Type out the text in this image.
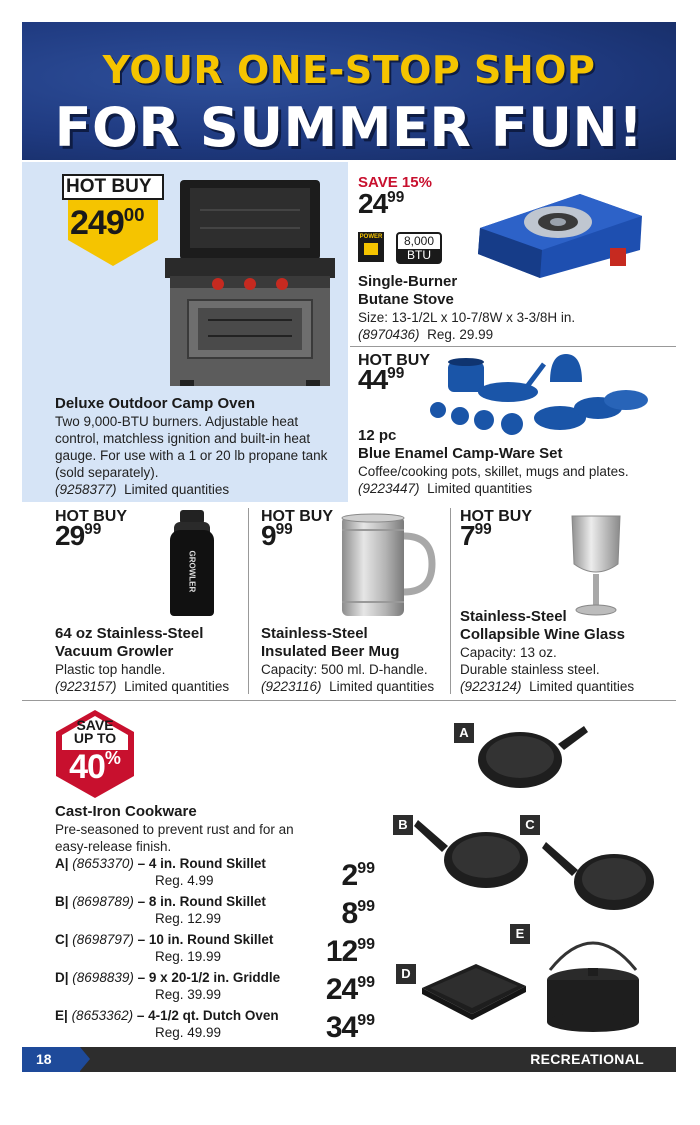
YOUR ONE-STOP SHOP
FOR SUMMER FUN!
HOT BUY
$249^{00}$
Deluxe Outdoor Camp Oven
Two 9,000-BTU burners. Adjustable heat control, matchless ignition and built-in heat gauge. For use with a 1 or 20 lb propane tank (sold separately).
(9258377) Limited quantities
SAVE 15%
$24^{99}$
POWER	8,000
BTU
Single-Burner
Butane Stove
Size: 13-1/2L x 10-7/8W x 3-3/8H in.
(8970436) Reg. 29.99
HOT BUY
$44^{99}$
12 pc
Blue Enamel Camp-Ware Set
Coffee/cooking pots, skillet, mugs and plates.
(9223447) Limited quantities
HOT BUY
$29^{99}$
GROWLER
64 oz Stainless-Steel
Vacuum Growler
Plastic top handle.
(9223157) Limited quantities
HOT BUY
$9^{99}$
Stainless-Steel
Insulated Beer Mug
Capacity: 500 ml. D-handle.
(9223116) Limited quantities
HOT BUY
$7^{99}$
Stainless-Steel
Collapsible Wine Glass
Capacity: 13 oz.
Durable stainless steel.
(9223124) Limited quantities
SAVE
UP TO
40%
Cast-Iron Cookware
Pre-seasoned to prevent rust and for an easy-release finish.
A| (8653370) – 4 in. Round Skillet
Reg. 4.99	$2^{99}$
B| (8698789) – 8 in. Round Skillet
Reg. 12.99	$8^{99}$
C| (8698797) – 10 in. Round Skillet
Reg. 19.99	$12^{99}$
D| (8698839) – 9 x 20-1/2 in. Griddle
Reg. 39.99	$24^{99}$
E| (8653362) – 4-1/2 qt. Dutch Oven
Reg. 49.99	$34^{99}$
A
B	C
E
D
18	RECREATIONAL
